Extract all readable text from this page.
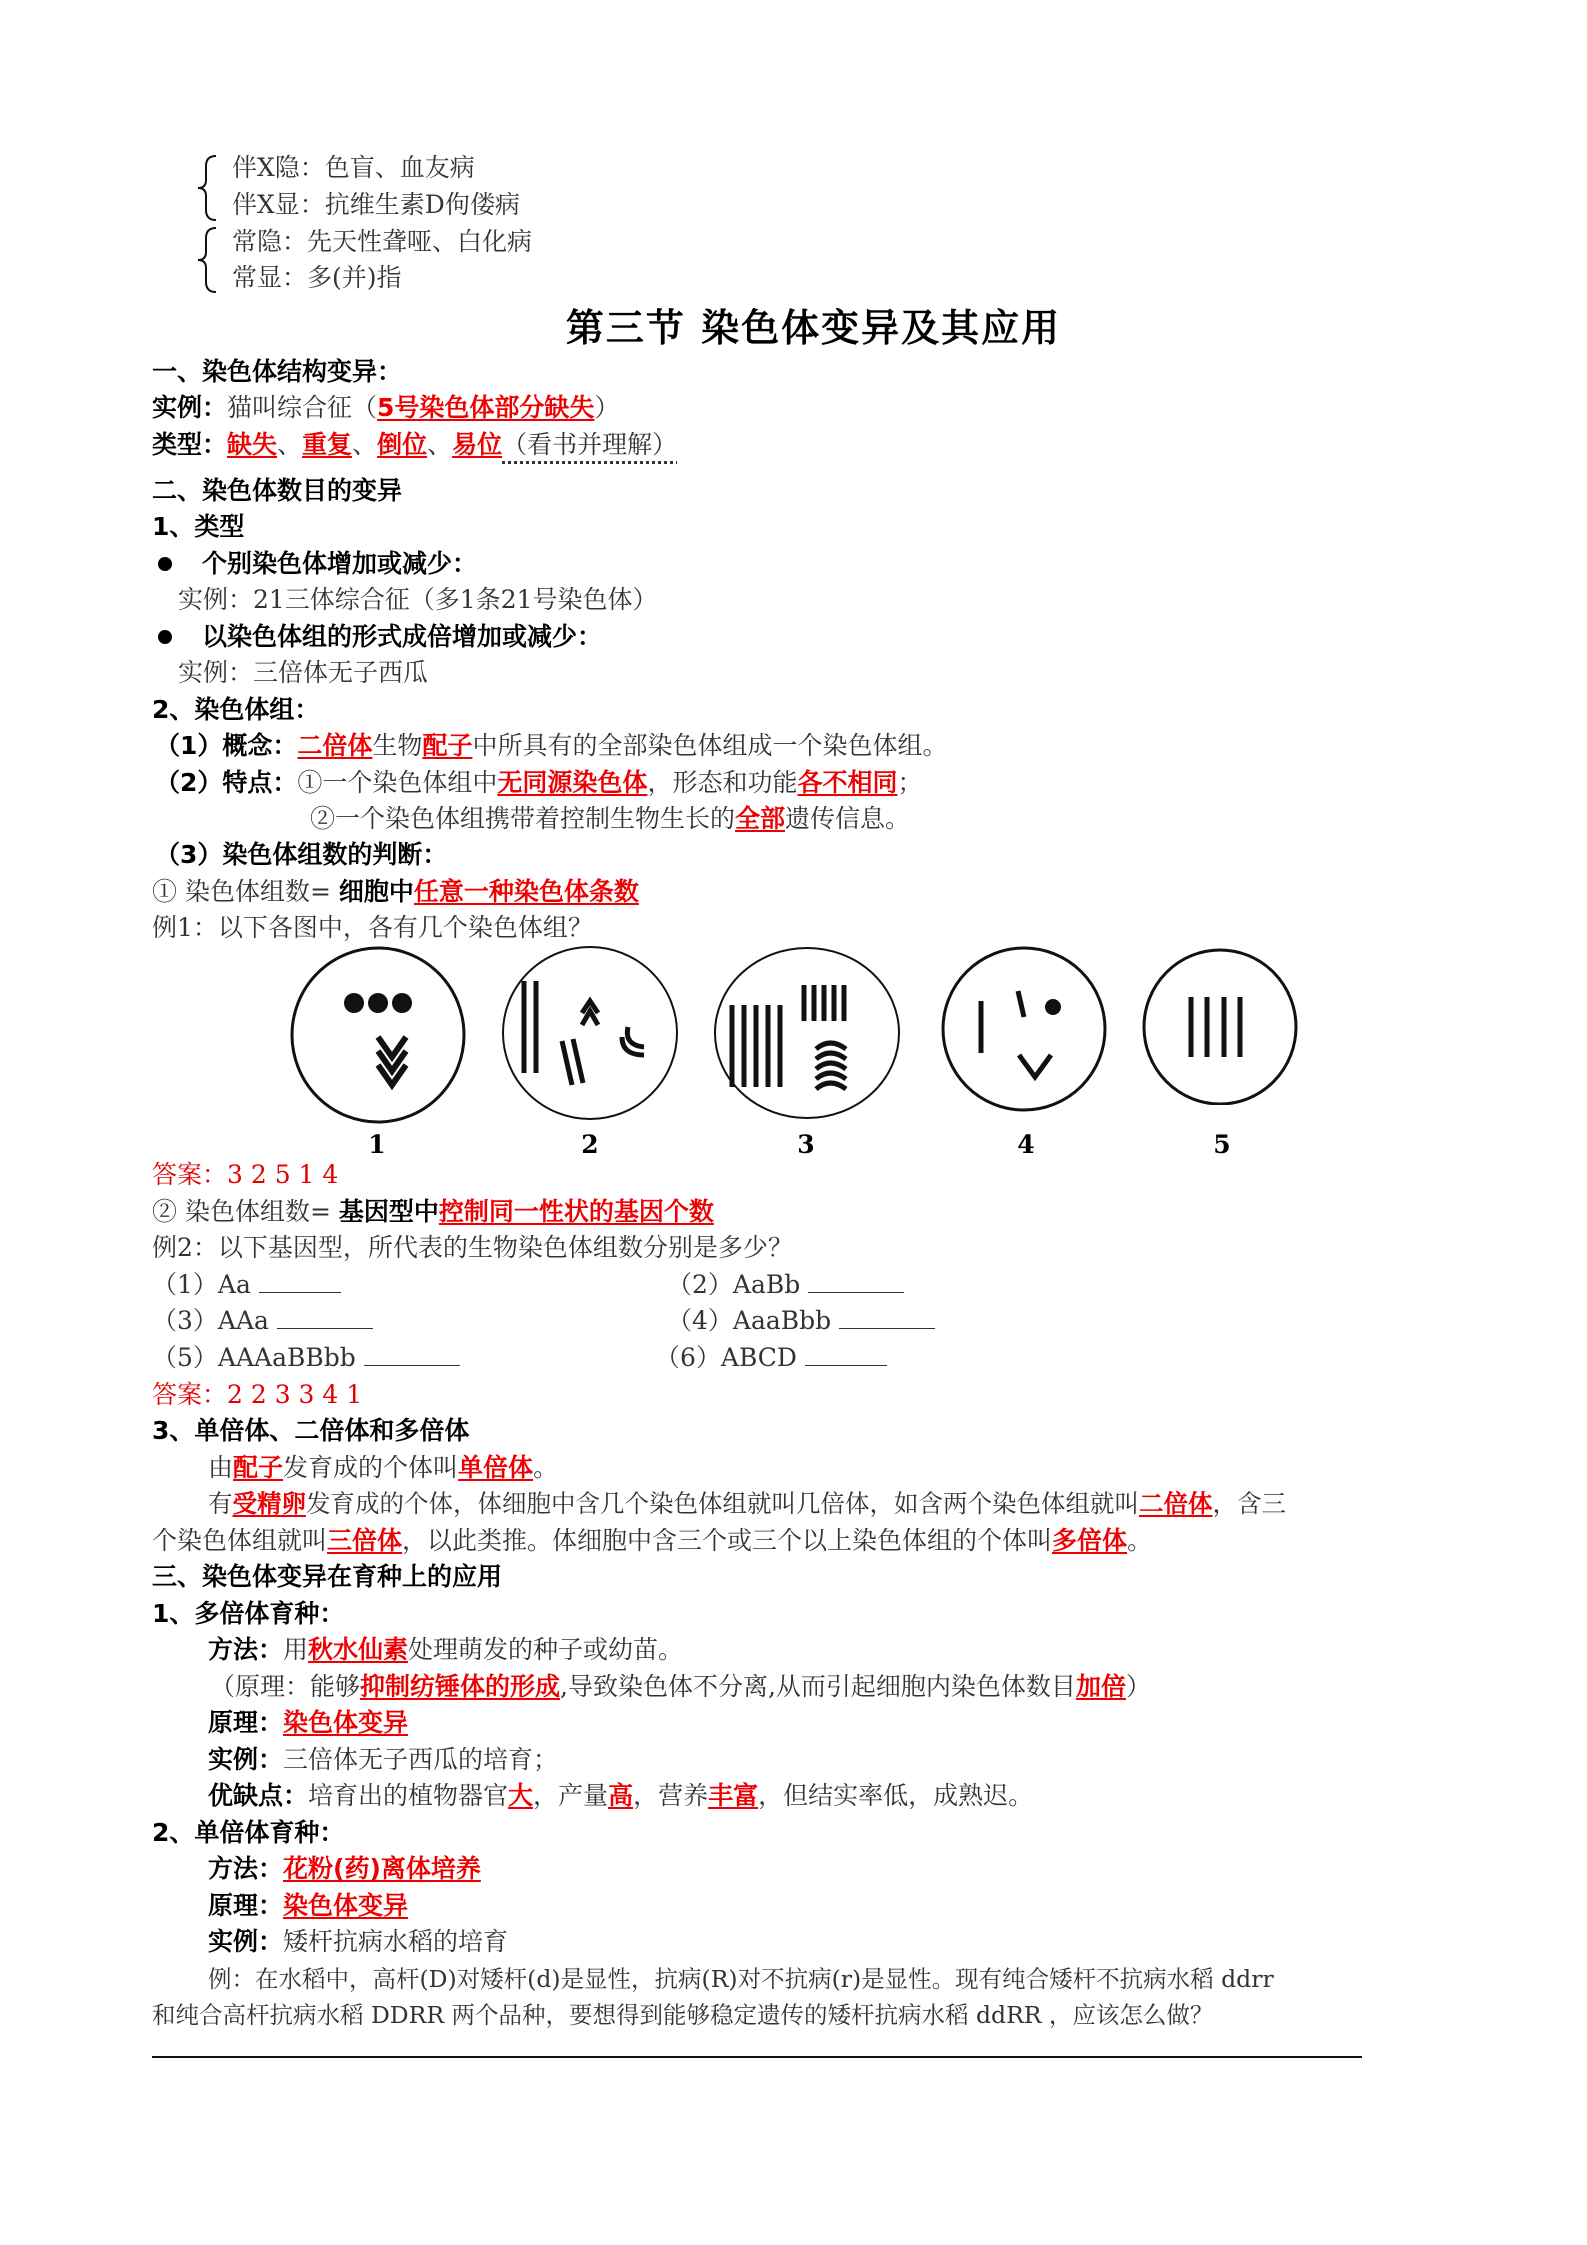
伴X隐：色盲、血友病
伴X显：抗维生素D佝偻病
常隐：先天性聋哑、白化病
常显：多(并)指
第三节 染色体变异及其应用
一、染色体结构变异：
实例：猫叫综合征（5号染色体部分缺失）
类型：缺失、重复、倒位、易位（看书并理解）
二、染色体数目的变异
1、类型
个别染色体增加或减少：
实例：21三体综合征（多1条21号染色体）
以染色体组的形式成倍增加或减少：
实例：三倍体无子西瓜
2、染色体组：
（1）概念：二倍体生物配子中所具有的全部染色体组成一个染色体组。
（2）特点：①一个染色体组中无同源染色体，形态和功能各不相同；
②一个染色体组携带着控制生物生长的全部遗传信息。
（3）染色体组数的判断：
① 染色体组数= 细胞中任意一种染色体条数
例1：以下各图中，各有几个染色体组？
1	2	3	4	5
答案：3 2 5 1 4
② 染色体组数= 基因型中控制同一性状的基因个数
例2：以下基因型，所代表的生物染色体组数分别是多少？
（1）Aa	（2）AaBb
（3）AAa	（4）AaaBbb
（5）AAAaBBbb	（6）ABCD
答案：2 2 3 3 4 1
3、单倍体、二倍体和多倍体
由配子发育成的个体叫单倍体。
有受精卵发育成的个体，体细胞中含几个染色体组就叫几倍体，如含两个染色体组就叫二倍体，含三
个染色体组就叫三倍体，以此类推。体细胞中含三个或三个以上染色体组的个体叫多倍体。
三、染色体变异在育种上的应用
1、多倍体育种：
方法：用秋水仙素处理萌发的种子或幼苗。
（原理：能够抑制纺锤体的形成,导致染色体不分离,从而引起细胞内染色体数目加倍）
原理：染色体变异
实例：三倍体无子西瓜的培育；
优缺点：培育出的植物器官大，产量高，营养丰富，但结实率低，成熟迟。
2、单倍体育种：
方法：花粉(药)离体培养
原理：染色体变异
实例：矮杆抗病水稻的培育
例：在水稻中，高杆(D)对矮杆(d)是显性，抗病(R)对不抗病(r)是显性。现有纯合矮杆不抗病水稻 ddrr
和纯合高杆抗病水稻 DDRR 两个品种，要想得到能够稳定遗传的矮杆抗病水稻 ddRR ，应该怎么做？
